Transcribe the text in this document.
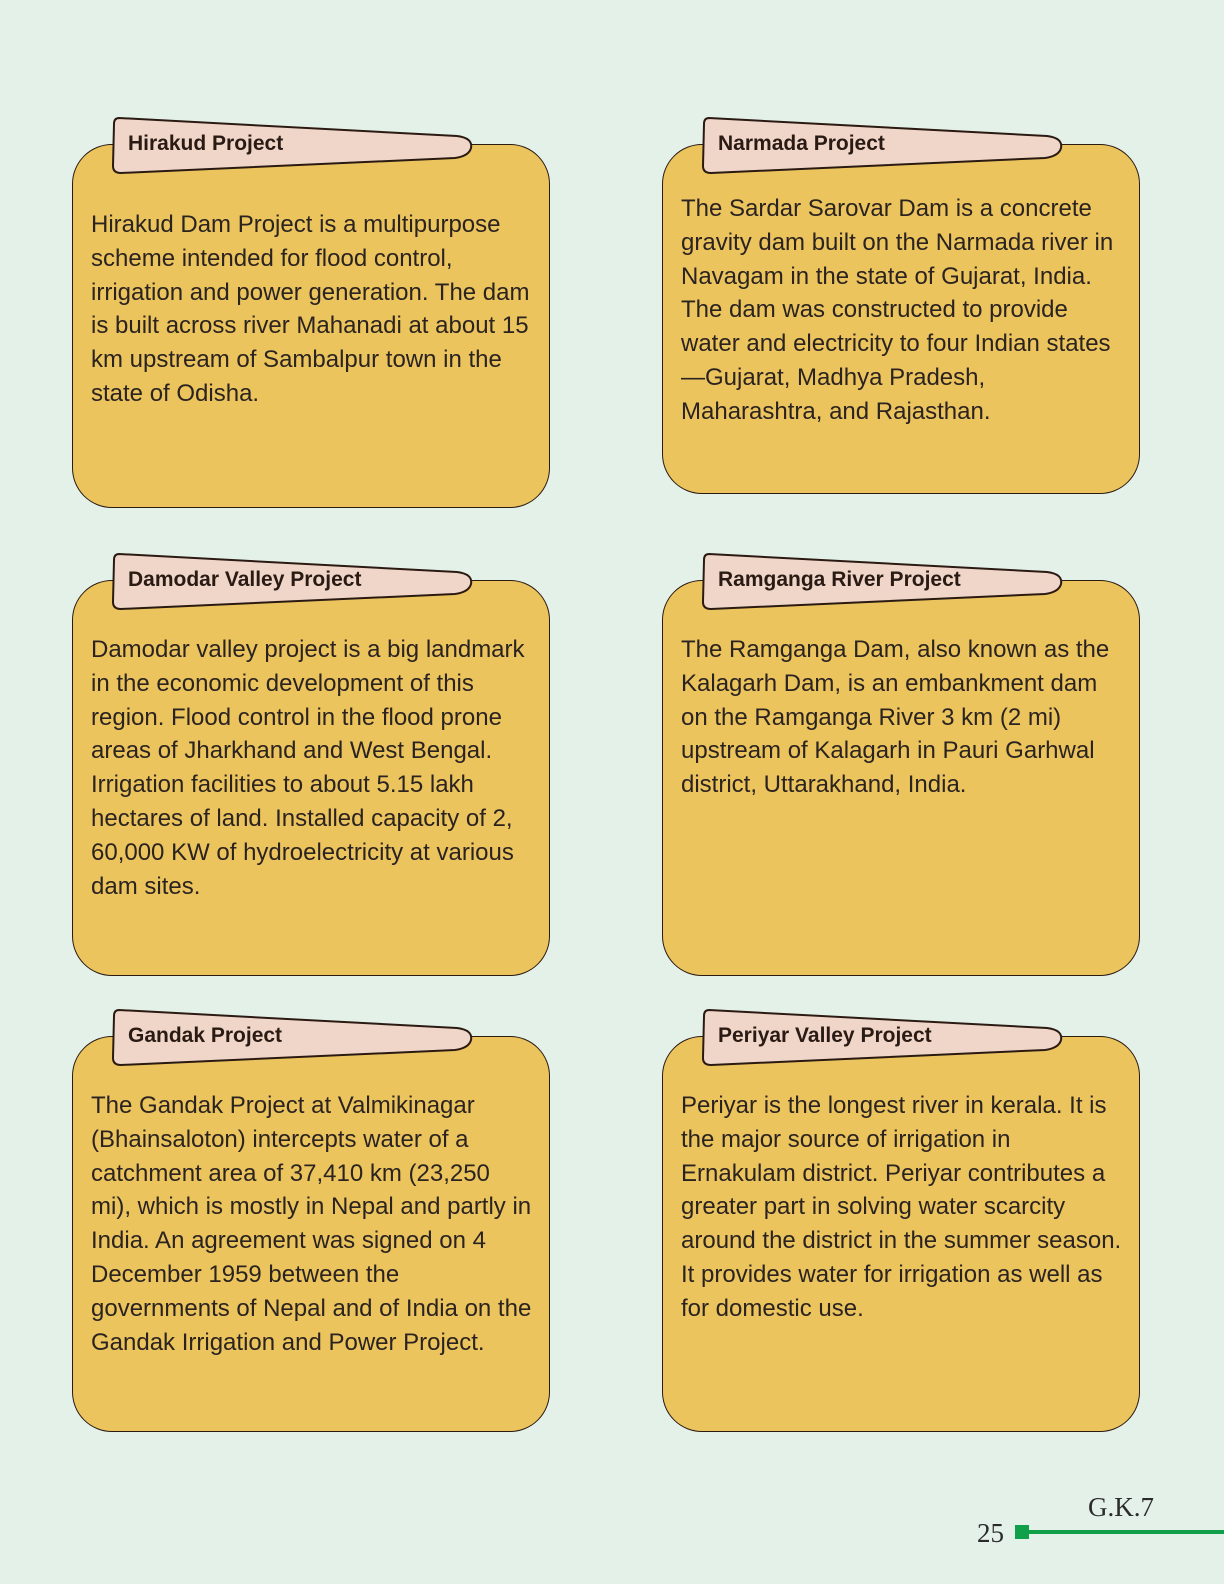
Hirakud Project
Hirakud Dam Project is a multipurpose scheme intended for flood control, irrigation and power generation. The dam is built across river Mahanadi at about 15 km upstream of Sambalpur town in the state of Odisha.
Narmada Project
The Sardar Sarovar Dam is a concrete gravity dam built on the Narmada river in Navagam in the state of Gujarat, India. The dam was constructed to provide water and electricity to four Indian states—Gujarat, Madhya Pradesh, Maharashtra, and Rajasthan.
Damodar Valley Project
Damodar valley project is a big landmark in the economic development of this region. Flood control in the flood prone areas of Jharkhand and West Bengal. Irrigation facilities to about 5.15 lakh hectares of land. Installed capacity of 2, 60,000 KW of hydroelectricity at various dam sites.
Ramganga River Project
The Ramganga Dam, also known as the Kalagarh Dam, is an embankment dam on the Ramganga River 3 km (2 mi) upstream of Kalagarh in Pauri Garhwal district, Uttarakhand, India.
Gandak Project
The Gandak Project at Valmikinagar (Bhainsaloton) intercepts water of a catchment area of 37,410 km (23,250 mi), which is mostly in Nepal and partly in India. An agreement was signed on 4 December 1959 between the governments of Nepal and of India on the Gandak Irrigation and Power Project.
Periyar Valley Project
Periyar is the longest river in kerala. It is the major source of irrigation in Ernakulam district. Periyar contributes a greater part in solving water scarcity around the district in the summer season. It provides water for irrigation as well as for domestic use.
G.K.7
25
